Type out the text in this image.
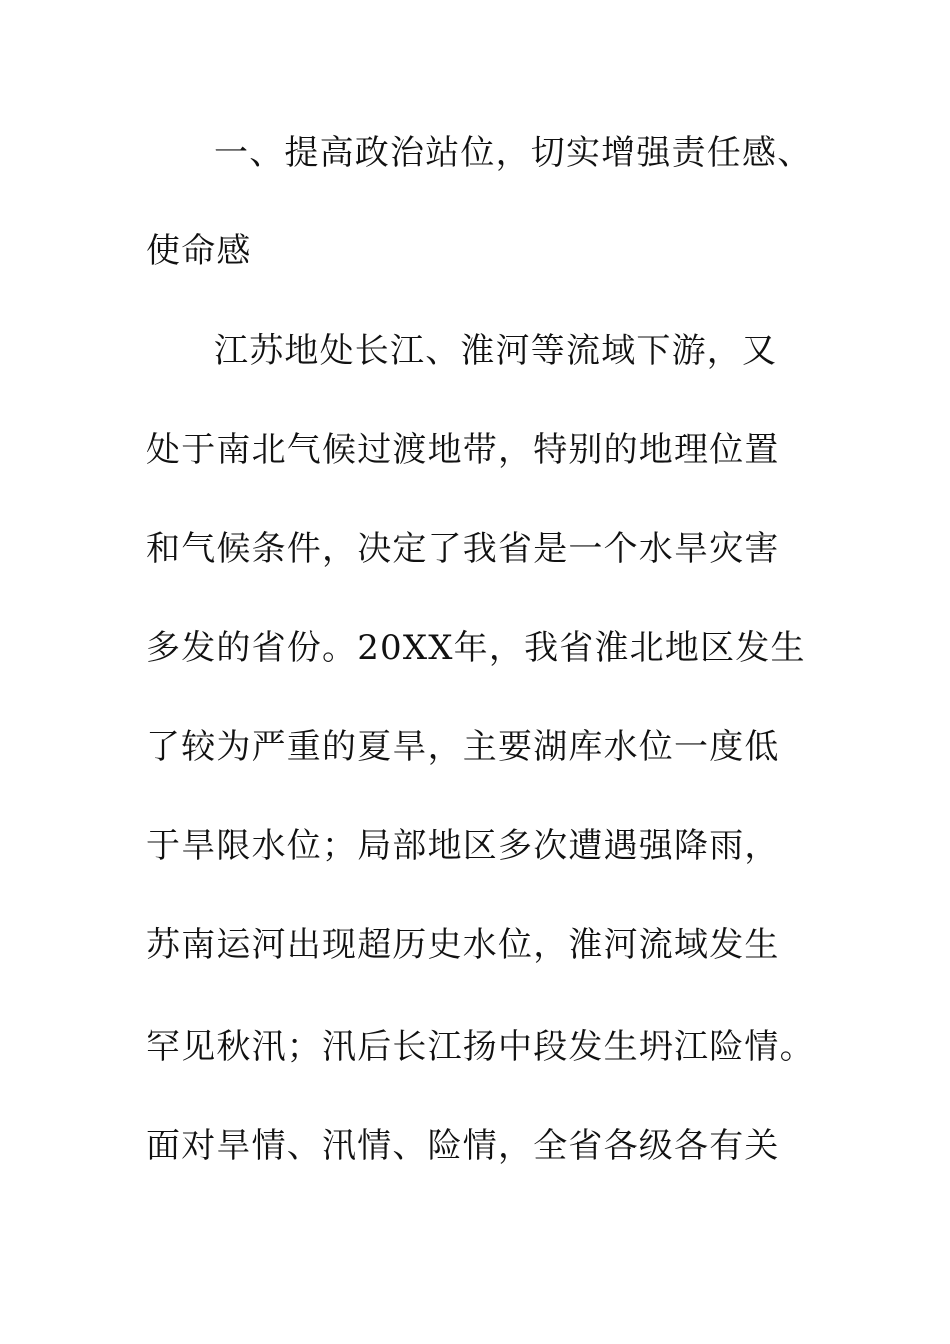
一、提高政治站位，切实增强责任感、
使命感
江苏地处长江、淮河等流域下游，又
处于南北气候过渡地带，特别的地理位置
和气候条件，决定了我省是一个水旱灾害
多发的省份。20XX年，我省淮北地区发生
了较为严重的夏旱，主要湖库水位一度低
于旱限水位；局部地区多次遭遇强降雨，
苏南运河出现超历史水位，淮河流域发生
罕见秋汛；汛后长江扬中段发生坍江险情。
面对旱情、汛情、险情，全省各级各有关
